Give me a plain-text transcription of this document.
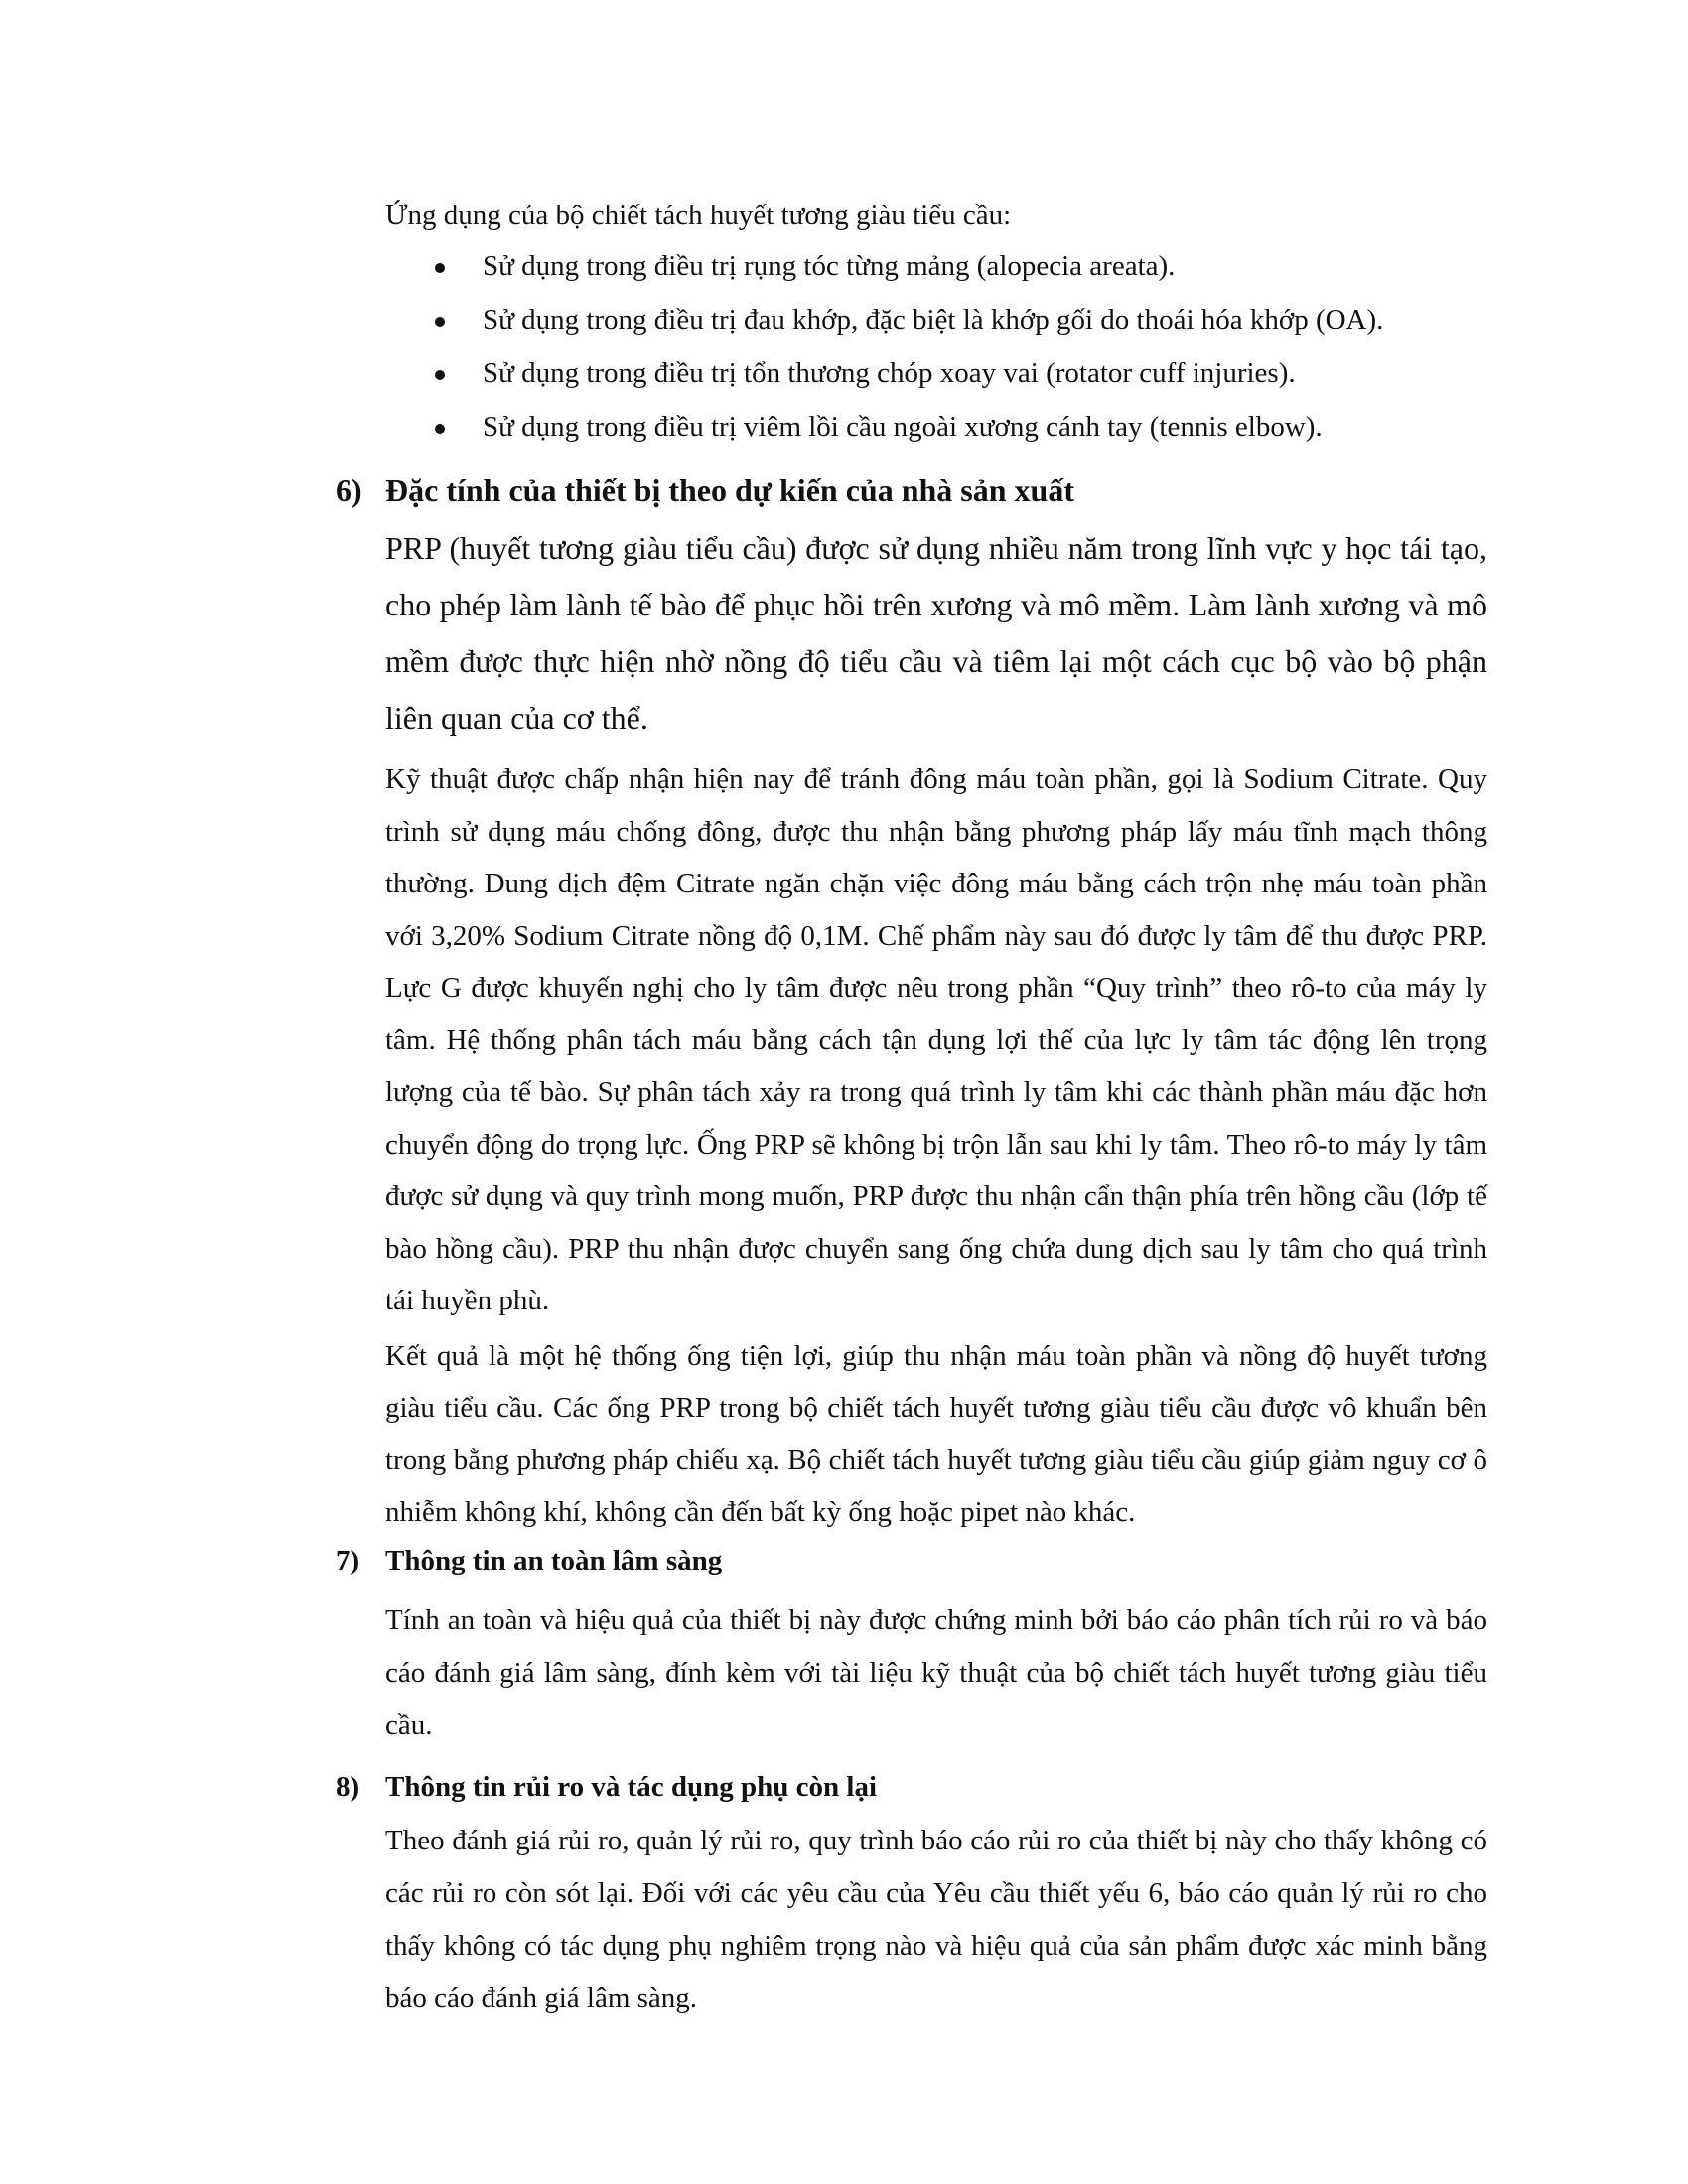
Ứng dụng của bộ chiết tách huyết tương giàu tiểu cầu:

Sử dụng trong điều trị rụng tóc từng mảng (alopecia areata).
Sử dụng trong điều trị đau khớp, đặc biệt là khớp gối do thoái hóa khớp (OA).
Sử dụng trong điều trị tổn thương chóp xoay vai (rotator cuff injuries).
Sử dụng trong điều trị viêm lồi cầu ngoài xương cánh tay (tennis elbow).
6) Đặc tính của thiết bị theo dự kiến của nhà sản xuất

PRP (huyết tương giàu tiểu cầu) được sử dụng nhiều năm trong lĩnh vực y học tái tạo, cho phép làm lành tế bào để phục hồi trên xương và mô mềm. Làm lành xương và mô mềm được thực hiện nhờ nồng độ tiểu cầu và tiêm lại một cách cục bộ vào bộ phận liên quan của cơ thể.

Kỹ thuật được chấp nhận hiện nay để tránh đông máu toàn phần, gọi là Sodium Citrate. Quy trình sử dụng máu chống đông, được thu nhận bằng phương pháp lấy máu tĩnh mạch thông thường. Dung dịch đệm Citrate ngăn chặn việc đông máu bằng cách trộn nhẹ máu toàn phần với 3,20% Sodium Citrate nồng độ 0,1M. Chế phẩm này sau đó được ly tâm để thu được PRP. Lực G được khuyến nghị cho ly tâm được nêu trong phần “Quy trình” theo rô-to của máy ly tâm. Hệ thống phân tách máu bằng cách tận dụng lợi thế của lực ly tâm tác động lên trọng lượng của tế bào. Sự phân tách xảy ra trong quá trình ly tâm khi các thành phần máu đặc hơn chuyển động do trọng lực. Ống PRP sẽ không bị trộn lẫn sau khi ly tâm. Theo rô-to máy ly tâm được sử dụng và quy trình mong muốn, PRP được thu nhận cẩn thận phía trên hồng cầu (lớp tế bào hồng cầu). PRP thu nhận được chuyển sang ống chứa dung dịch sau ly tâm cho quá trình tái huyền phù.

Kết quả là một hệ thống ống tiện lợi, giúp thu nhận máu toàn phần và nồng độ huyết tương giàu tiểu cầu. Các ống PRP trong bộ chiết tách huyết tương giàu tiểu cầu được vô khuẩn bên trong bằng phương pháp chiếu xạ. Bộ chiết tách huyết tương giàu tiểu cầu giúp giảm nguy cơ ô nhiễm không khí, không cần đến bất kỳ ống hoặc pipet nào khác.

7) Thông tin an toàn lâm sàng

Tính an toàn và hiệu quả của thiết bị này được chứng minh bởi báo cáo phân tích rủi ro và báo cáo đánh giá lâm sàng, đính kèm với tài liệu kỹ thuật của bộ chiết tách huyết tương giàu tiểu cầu.

8) Thông tin rủi ro và tác dụng phụ còn lại

Theo đánh giá rủi ro, quản lý rủi ro, quy trình báo cáo rủi ro của thiết bị này cho thấy không có các rủi ro còn sót lại. Đối với các yêu cầu của Yêu cầu thiết yếu 6, báo cáo quản lý rủi ro cho thấy không có tác dụng phụ nghiêm trọng nào và hiệu quả của sản phẩm được xác minh bằng báo cáo đánh giá lâm sàng.
